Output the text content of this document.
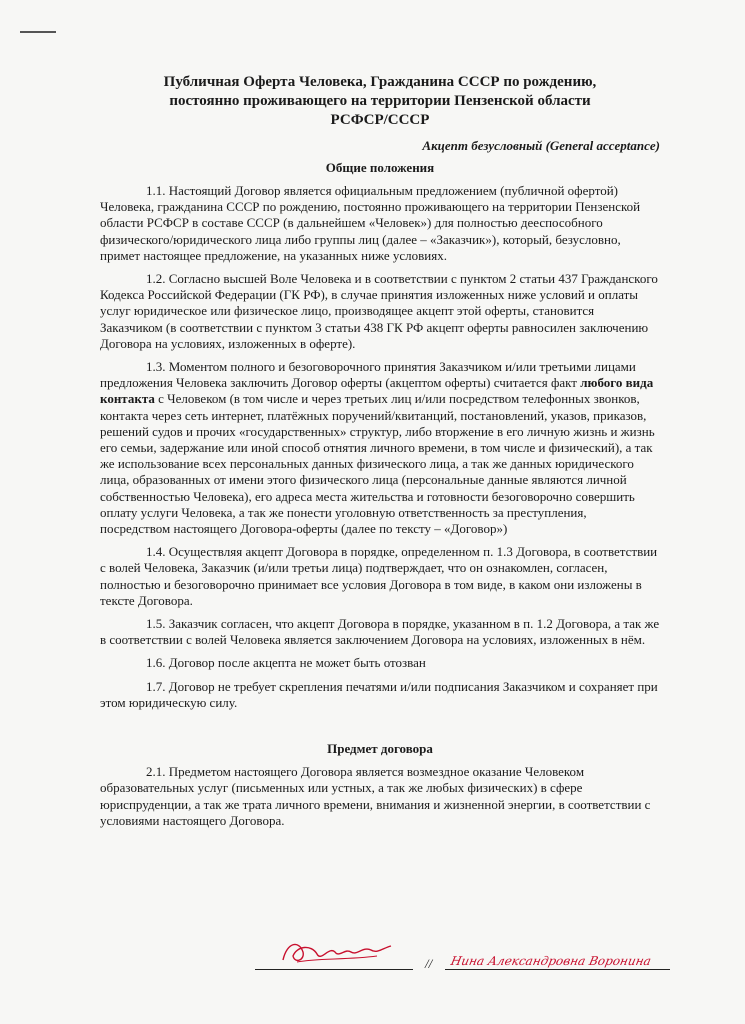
Публичная Оферта Человека, Гражданина СССР по рождению,
постоянно проживающего на территории Пензенской области
РСФСР/СССР
Акцепт безусловный (General acceptance)
Общие положения

1.1. Настоящий Договор является официальным предложением (публичной офертой) Человека, гражданина СССР по рождению, постоянно проживающего на территории Пензенской области РСФСР в составе СССР (в дальнейшем «Человек») для полностью дееспособного физического/юридического лица либо группы лиц (далее – «Заказчик»), который, безусловно, примет настоящее предложение, на указанных ниже условиях.

1.2. Согласно высшей Воле Человека и в соответствии с пунктом 2 статьи 437 Гражданского Кодекса Российской Федерации (ГК РФ), в случае принятия изложенных ниже условий и оплаты услуг юридическое или физическое лицо, производящее акцепт этой оферты, становится Заказчиком (в соответствии с пунктом 3 статьи 438 ГК РФ акцепт оферты равносилен заключению Договора на условиях, изложенных в оферте).

1.3. Моментом полного и безоговорочного принятия Заказчиком и/или третьими лицами предложения Человека заключить Договор оферты (акцептом оферты) считается факт любого вида контакта с Человеком (в том числе и через третьих лиц и/или посредством телефонных звонков, контакта через сеть интернет, платёжных поручений/квитанций, постановлений, указов, приказов, решений судов и прочих «государственных» структур, либо вторжение в его личную жизнь и жизнь его семьи, задержание или иной способ отнятия личного времени, в том числе и физический), а так же использование всех персональных данных физического лица, а так же данных юридического лица, образованных от имени этого физического лица (персональные данные являются личной собственностью Человека), его адреса места жительства и готовности безоговорочно совершить оплату услуги Человека, а так же понести уголовную ответственность за преступления, посредством настоящего Договора-оферты (далее по тексту – «Договор»)

1.4. Осуществляя акцепт Договора в порядке, определенном п. 1.3 Договора, в соответствии с волей Человека, Заказчик (и/или третьи лица) подтверждает, что он ознакомлен, согласен, полностью и безоговорочно принимает все условия Договора в том виде, в каком они изложены в тексте Договора.

1.5. Заказчик согласен, что акцепт Договора в порядке, указанном в п. 1.2 Договора, а так же в соответствии с волей Человека является заключением Договора на условиях, изложенных в нём.

1.6. Договор после акцепта не может быть отозван

1.7. Договор не требует скрепления печатями и/или подписания Заказчиком и сохраняет при этом юридическую силу.

Предмет договора

2.1. Предметом настоящего Договора является возмездное оказание Человеком образовательных услуг (письменных или устных, а так же любых физических) в сфере юриспруденции, а так же трата личного времени, внимания и жизненной энергии, в соответствии с условиями настоящего Договора.

// Нина Александровна Воронина
